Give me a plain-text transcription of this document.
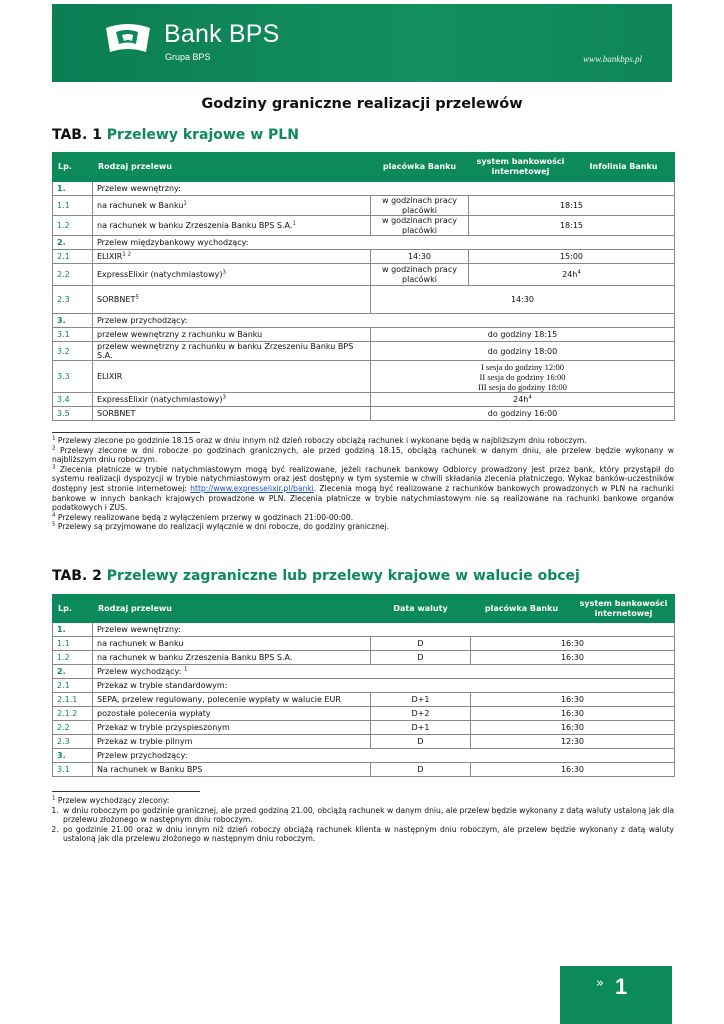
Bank BPS
Grupa BPS	www.bankbps.pl
Godziny graniczne realizacji przelewów
TAB. 1 Przelewy krajowe w PLN
Lp.	Rodzaj przelewu	placówka Banku	system bankowości internetowej	Infolinia Banku
1.	Przelew wewnętrzny:			
1.1	na rachunek w Banku$^1$	w godzinach pracy placówki	18:15	
1.2	na rachunek w banku Zrzeszenia Banku BPS S.A.$^1$	w godzinach pracy placówki	18:15	
2.	Przelew międzybankowy wychodzący:			
2.1	$ELIXIR^{1 2}$	14:30	15:00	
2.2	ExpressElixir (natychmiastowy)$^3$	w godzinach pracy placówki	$24h^4$
2.3	SORBNET$^5$	14:30		
3.	Przelew przychodzący:			
3.1	przelew wewnętrzny z rachunku w Banku	do godziny 18:15		
3.2	przelew wewnętrzny z rachunku w banku Zrzeszeniu Banku BPS S.A.	do godziny 18:00		
3.3	ELIXIR	I sesja do godziny 12:00
II sesja do godziny 16:00
III sesja do godziny 18:00		

3.4	ExpressElixir (natychmiastowy)$^3$	$24h^4$
3.5	SORBNET	do godziny 16:00		

$^1$ Przelewy zlecone po godzinie 18.15 oraz w dniu innym niż dzień roboczy obciążą rachunek i wykonane będą w najbliższym dniu roboczym.

$^2$ Przelewy zlecone w dni robocze po godzinach granicznych, ale przed godziną 18.15, obciążą rachunek w danym dniu, ale przelew będzie wykonany w najbliższym dniu roboczym.

$^3$ Zlecenia płatnicze w trybie natychmiastowym mogą być realizowane, jeżeli rachunek bankowy Odbiorcy prowadzony jest przez bank, który przystąpił do systemu realizacji dyspozycji w trybie natychmiastowym oraz jest dostępny w tym systemie w chwili składania zlecenia płatniczego. Wykaz banków-uczestników dostępny jest stronie internetowej: http://www.expresselixir.pl/banki. Zlecenia mogą być realizowane z rachunków bankowych prowadzonych w PLN na rachunki bankowe w innych bankach krajowych prowadzone w PLN. Zlecenia płatnicze w trybie natychmiastowym nie są realizowane na rachunki bankowe organów podatkowych i ZUS.

$^4$ Przelewy realizowane będą z wyłączeniem przerwy w godzinach 21:00-00:00.

$^5$ Przelewy są przyjmowane do realizacji wyłącznie w dni robocze, do godziny granicznej.

TAB. 2 Przelewy zagraniczne lub przelewy krajowe w walucie obcej
Lp.	Rodzaj przelewu	Data waluty	placówka Banku	system bankowości internetowej
1.	Przelew wewnętrzny:			
1.1	na rachunek w Banku	D	16:30	
1.2	na rachunek w banku Zrzeszenia Banku BPS S.A.	D	16:30	
2.	Przelew wychodzący: $^1$
2.1	Przekaz w trybie standardowym:			
2.1.1	SEPA, przelew regulowany, polecenie wypłaty w walucie EUR	D+1	16:30	
2.1.2	pozostałe polecenia wypłaty	D+2	16:30	
2.2	Przekaz w trybie przyspieszonym	D+1	16:30	
2.3	Przekaz w trybie pilnym	D	12:30	
3.	Przelew przychodzący:			
3.1	Na rachunek w Banku BPS	D	16:30	

$^1$ Przelew wychodzący zlecony:

1. w dniu roboczym po godzinie granicznej, ale przed godziną 21.00, obciążą rachunek w danym dniu, ale przelew będzie wykonany z datą waluty ustaloną jak dla przelewu złożonego w następnym dniu roboczym.
2. po godzinie 21.00 oraz w dniu innym niż dzień roboczy obciążą rachunek klienta w następnym dniu roboczym, ale przelew będzie wykonany z datą waluty ustaloną jak dla przelewu złożonego w następnym dniu roboczym.
» 1
